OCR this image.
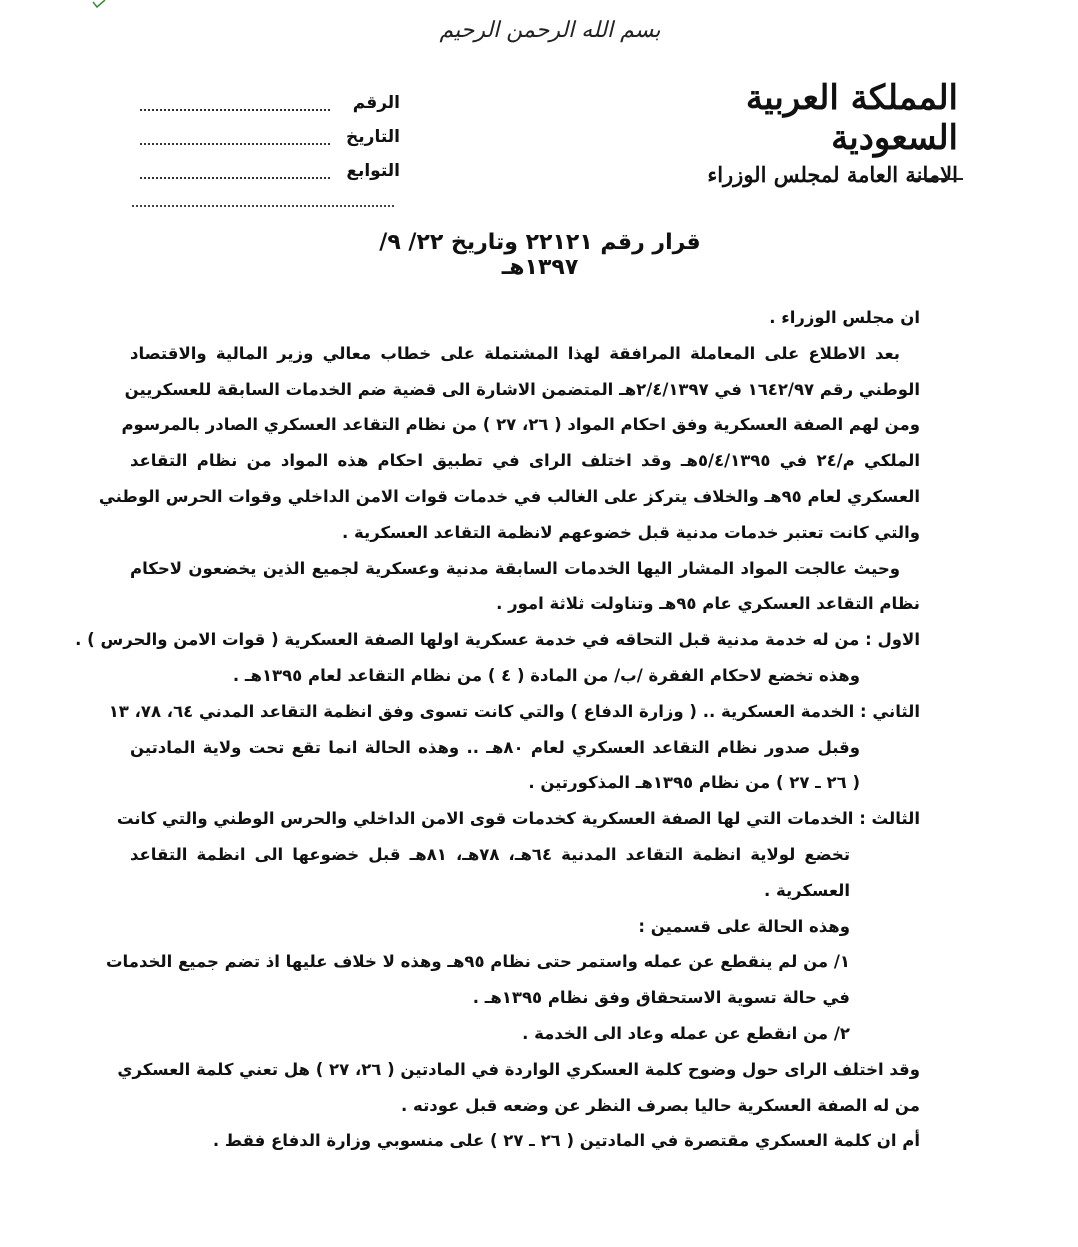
بسم الله الرحمن الرحيم
المملكة العربية السعودية
الامانة العامة لمجلس الوزراء
الرقم
التاريخ
التوابع
قرار رقم ٢٢١٢١ وتاريخ ٢٢/ ٩/ ١٣٩٧هـ
ان مجلس الوزراء .
بعد الاطلاع على المعاملة المرافقة لهذا المشتملة على خطاب معالي وزير المالية والاقتصاد
الوطني رقم ١٦٤٢/٩٧ في ٢/٤/١٣٩٧هـ المتضمن الاشارة الى قضية ضم الخدمات السابقة للعسكريين
ومن لهم الصفة العسكرية وفق احكام المواد ( ٢٦، ٢٧ ) من نظام التقاعد العسكري الصادر بالمرسوم
الملكي م/٢٤ في ٥/٤/١٣٩٥هـ وقد اختلف الراى في تطبيق احكام هذه المواد من نظام التقاعد
العسكري لعام ٩٥هـ والخلاف يتركز على الغالب في خدمات قوات الامن الداخلي وقوات الحرس الوطني
والتي كانت تعتبر خدمات مدنية قبل خضوعهم لانظمة التقاعد العسكرية .
وحيث عالجت المواد المشار اليها الخدمات السابقة مدنية وعسكرية لجميع الذين يخضعون لاحكام
نظام التقاعد العسكري عام ٩٥هـ وتناولت ثلاثة امور .
الاول : من له خدمة مدنية قبل التحاقه في خدمة عسكرية اولها الصفة العسكرية ( قوات الامن والحرس ) .
وهذه تخضع لاحكام الفقرة /ب/ من المادة ( ٤ ) من نظام التقاعد لعام ١٣٩٥هـ .
الثاني : الخدمة العسكرية .. ( وزارة الدفاع ) والتي كانت تسوى وفق انظمة التقاعد المدني ٦٤، ٧٨، ١٣
وقبل صدور نظام التقاعد العسكري لعام ٨٠هـ .. وهذه الحالة انما تقع تحت ولاية المادتين
( ٢٦ ـ ٢٧ ) من نظام ١٣٩٥هـ المذكورتين .
الثالث : الخدمات التي لها الصفة العسكرية كخدمات قوى الامن الداخلي والحرس الوطني والتي كانت
تخضع لولاية انظمة التقاعد المدنية ٦٤هـ، ٧٨هـ، ٨١هـ قبل خضوعها الى انظمة التقاعد
العسكرية .
وهذه الحالة على قسمين :
١/ من لم ينقطع عن عمله واستمر حتى نظام ٩٥هـ وهذه لا خلاف عليها اذ تضم جميع الخدمات
في حالة تسوية الاستحقاق وفق نظام ١٣٩٥هـ .
٢/ من انقطع عن عمله وعاد الى الخدمة .
وقد اختلف الراى حول وضوح كلمة العسكري الواردة في المادتين ( ٢٦، ٢٧ ) هل تعني كلمة العسكري
من له الصفة العسكرية حاليا بصرف النظر عن وضعه قبل عودته .
أم ان كلمة العسكري مقتصرة في المادتين ( ٢٦ ـ ٢٧ ) على منسوبي وزارة الدفاع فقط .
